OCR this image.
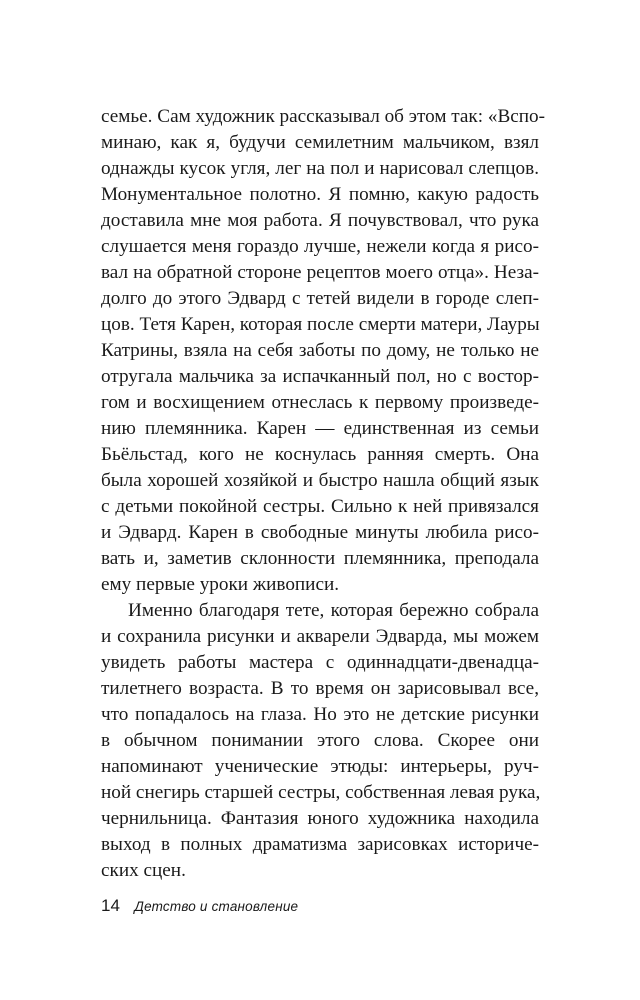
семье. Сам художник рассказывал об этом так: «Вспо-
минаю, как я, будучи семилетним мальчиком, взял
однажды кусок угля, лег на пол и нарисовал слепцов.
Монументальное полотно. Я помню, какую радость
доставила мне моя работа. Я почувствовал, что рука
слушается меня гораздо лучше, нежели когда я рисо-
вал на обратной стороне рецептов моего отца». Неза-
долго до этого Эдвард с тетей видели в городе слеп-
цов. Тетя Карен, которая после смерти матери, Лауры
Катрины, взяла на себя заботы по дому, не только не
отругала мальчика за испачканный пол, но с востор-
гом и восхищением отнеслась к первому произведе-
нию племянника. Карен — единственная из семьи
Бьёльстад, кого не коснулась ранняя смерть. Она
была хорошей хозяйкой и быстро нашла общий язык
с детьми покойной сестры. Сильно к ней привязался
и Эдвард. Карен в свободные минуты любила рисо-
вать и, заметив склонности племянника, преподала
ему первые уроки живописи.
Именно благодаря тете, которая бережно собрала
и сохранила рисунки и акварели Эдварда, мы можем
увидеть работы мастера с одиннадцати-двенадца-
тилетнего возраста. В то время он зарисовывал все,
что попадалось на глаза. Но это не детские рисунки
в обычном понимании этого слова. Скорее они
напоминают ученические этюды: интерьеры, руч-
ной снегирь старшей сестры, собственная левая рука,
чернильница. Фантазия юного художника находила
выход в полных драматизма зарисовках историче-
ских сцен.
14 Детство и становление
